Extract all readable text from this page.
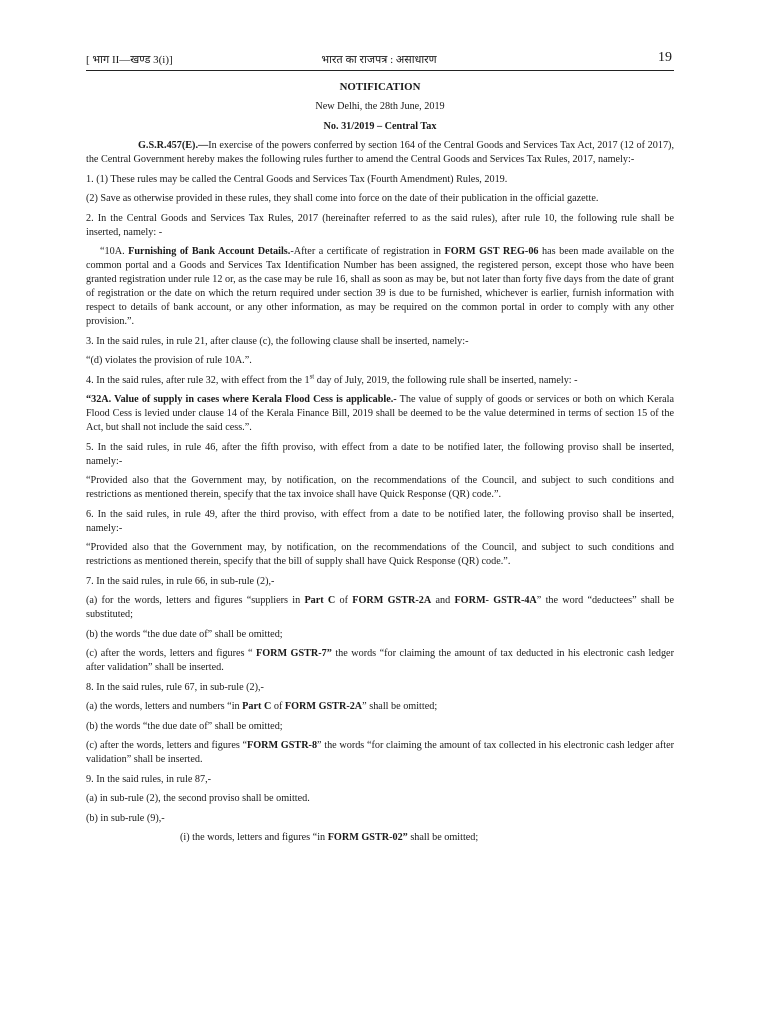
[ भाग II—खण्ड 3(i)]	भारत का राजपत्र : असाधारण	19

NOTIFICATION

New Delhi, the 28th June, 2019

No. 31/2019 – Central Tax

G.S.R.457(E).—In exercise of the powers conferred by section 164 of the Central Goods and Services Tax Act, 2017 (12 of 2017), the Central Government hereby makes the following rules further to amend the Central Goods and Services Tax Rules, 2017, namely:-

1. (1) These rules may be called the Central Goods and Services Tax (Fourth Amendment) Rules, 2019.

(2) Save as otherwise provided in these rules, they shall come into force on the date of their publication in the official gazette.

2. In the Central Goods and Services Tax Rules, 2017 (hereinafter referred to as the said rules), after rule 10, the following rule shall be inserted, namely: -

“10A. Furnishing of Bank Account Details.-After a certificate of registration in FORM GST REG-06 has been made available on the common portal and a Goods and Services Tax Identification Number has been assigned, the registered person, except those who have been granted registration under rule 12 or, as the case may be rule 16, shall as soon as may be, but not later than forty five days from the date of grant of registration or the date on which the return required under section 39 is due to be furnished, whichever is earlier, furnish information with respect to details of bank account, or any other information, as may be required on the common portal in order to comply with any other provision.”.

3. In the said rules, in rule 21, after clause (c), the following clause shall be inserted, namely:-

“(d) violates the provision of rule 10A.”.

4. In the said rules, after rule 32, with effect from the 1st day of July, 2019, the following rule shall be inserted, namely: -

“32A. Value of supply in cases where Kerala Flood Cess is applicable.- The value of supply of goods or services or both on which Kerala Flood Cess is levied under clause 14 of the Kerala Finance Bill, 2019 shall be deemed to be the value determined in terms of section 15 of the Act, but shall not include the said cess.”.

5. In the said rules, in rule 46, after the fifth proviso, with effect from a date to be notified later, the following proviso shall be inserted, namely:-

“Provided also that the Government may, by notification, on the recommendations of the Council, and subject to such conditions and restrictions as mentioned therein, specify that the tax invoice shall have Quick Response (QR) code.”.

6. In the said rules, in rule 49, after the third proviso, with effect from a date to be notified later, the following proviso shall be inserted, namely:-

“Provided also that the Government may, by notification, on the recommendations of the Council, and subject to such conditions and restrictions as mentioned therein, specify that the bill of supply shall have Quick Response (QR) code.”.

7. In the said rules, in rule 66, in sub-rule (2),-

(a) for the words, letters and figures “suppliers in Part C of FORM GSTR-2A and FORM- GSTR-4A” the word “deductees” shall be substituted;

(b) the words “the due date of” shall be omitted;

(c) after the words, letters and figures “ FORM GSTR-7” the words “for claiming the amount of tax deducted in his electronic cash ledger after validation” shall be inserted.

8. In the said rules, rule 67, in sub-rule (2),-

(a) the words, letters and numbers “in Part C of FORM GSTR-2A” shall be omitted;

(b) the words “the due date of” shall be omitted;

(c) after the words, letters and figures “FORM GSTR-8” the words “for claiming the amount of tax collected in his electronic cash ledger after validation” shall be inserted.

9. In the said rules, in rule 87,-

(a) in sub-rule (2), the second proviso shall be omitted.

(b) in sub-rule (9),-

(i) the words, letters and figures “in FORM GSTR-02” shall be omitted;
